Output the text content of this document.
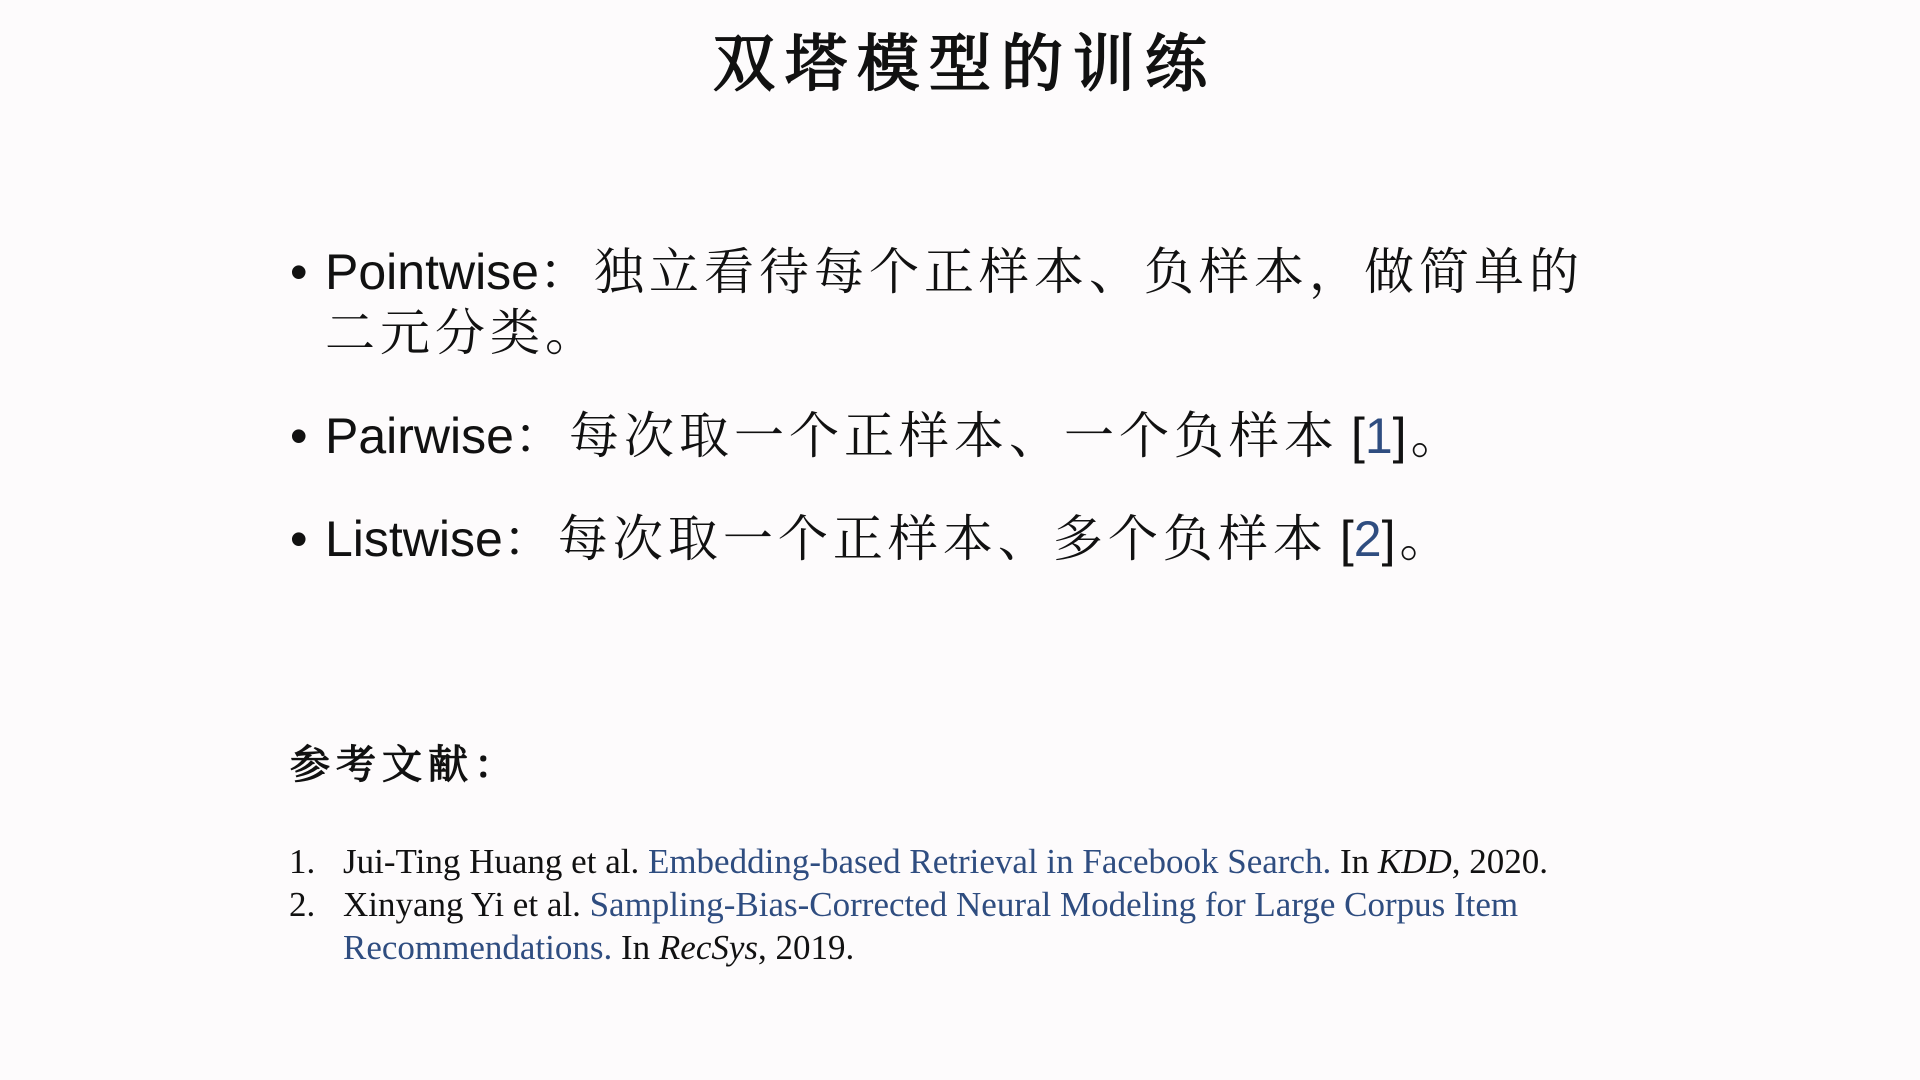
双塔模型的训练
• Pointwise：独立看待每个正样本、负样本，做简单的二元分类。
• Pairwise：每次取一个正样本、一个负样本 [1]。
• Listwise：每次取一个正样本、多个负样本 [2]。
参考文献：
1. Jui-Ting Huang et al. Embedding-based Retrieval in Facebook Search. In KDD, 2020.
2. Xinyang Yi et al. Sampling-Bias-Corrected Neural Modeling for Large Corpus Item Recommendations. In RecSys, 2019.
